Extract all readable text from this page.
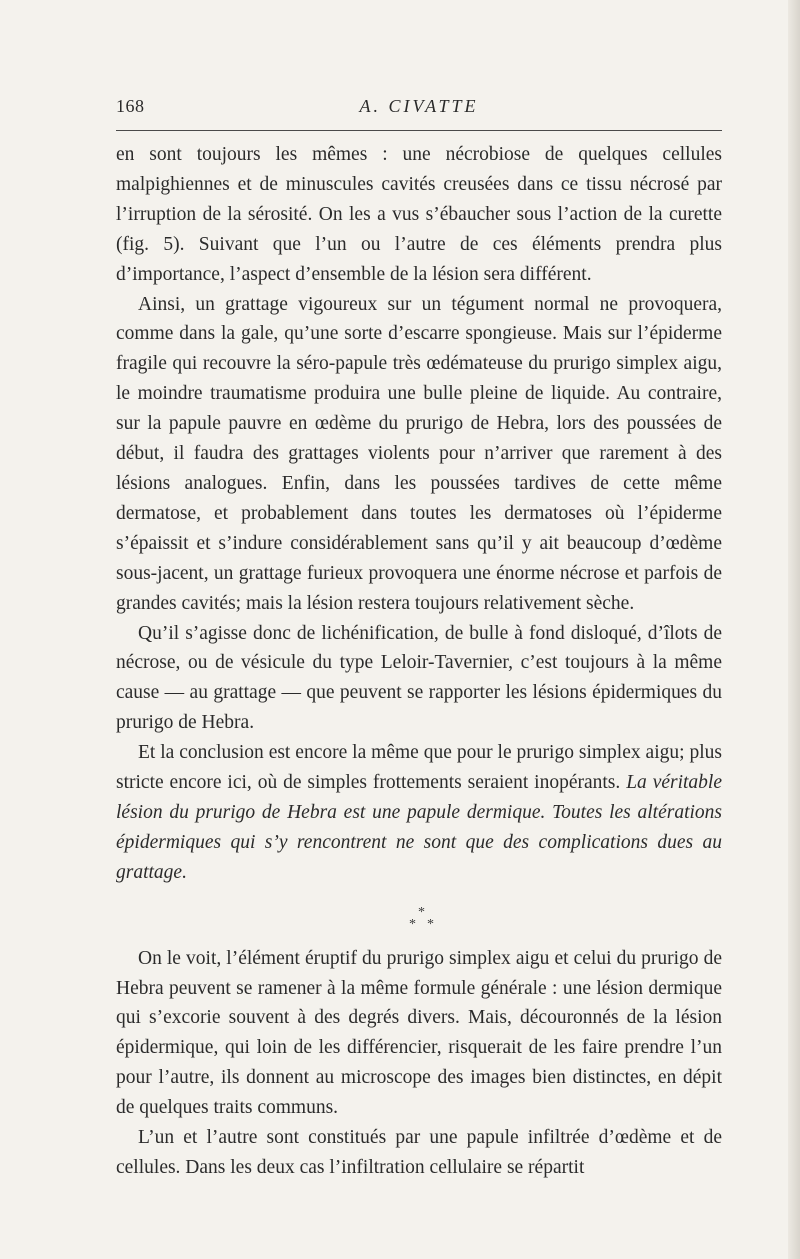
168	A. CIVATTE

en sont toujours les mêmes : une nécrobiose de quelques cellules malpighiennes et de minuscules cavités creusées dans ce tissu nécrosé par l’irruption de la sérosité. On les a vus s’ébaucher sous l’action de la curette (fig. 5). Suivant que l’un ou l’autre de ces éléments prendra plus d’importance, l’aspect d’ensemble de la lésion sera différent.

Ainsi, un grattage vigoureux sur un tégument normal ne provoquera, comme dans la gale, qu’une sorte d’escarre spongieuse. Mais sur l’épiderme fragile qui recouvre la séro-papule très œdémateuse du prurigo simplex aigu, le moindre traumatisme produira une bulle pleine de liquide. Au contraire, sur la papule pauvre en œdème du prurigo de Hebra, lors des poussées de début, il faudra des grattages violents pour n’arriver que rarement à des lésions analogues. Enfin, dans les poussées tardives de cette même dermatose, et probablement dans toutes les dermatoses où l’épiderme s’épaissit et s’indure considérablement sans qu’il y ait beaucoup d’œdème sous-jacent, un grattage furieux provoquera une énorme nécrose et parfois de grandes cavités; mais la lésion restera toujours relativement sèche.

Qu’il s’agisse donc de lichénification, de bulle à fond disloqué, d’îlots de nécrose, ou de vésicule du type Leloir-Tavernier, c’est toujours à la même cause — au grattage — que peuvent se rapporter les lésions épidermiques du prurigo de Hebra.

Et la conclusion est encore la même que pour le prurigo simplex aigu; plus stricte encore ici, où de simples frottements seraient inopérants. La véritable lésion du prurigo de Hebra est une papule dermique. Toutes les altérations épidermiques qui s’y rencontrent ne sont que des complications dues au grattage.

*
* *

On le voit, l’élément éruptif du prurigo simplex aigu et celui du prurigo de Hebra peuvent se ramener à la même formule générale : une lésion dermique qui s’excorie souvent à des degrés divers. Mais, découronnés de la lésion épidermique, qui loin de les différencier, risquerait de les faire prendre l’un pour l’autre, ils donnent au microscope des images bien distinctes, en dépit de quelques traits communs.

L’un et l’autre sont constitués par une papule infiltrée d’œdème et de cellules. Dans les deux cas l’infiltration cellulaire se répartit
